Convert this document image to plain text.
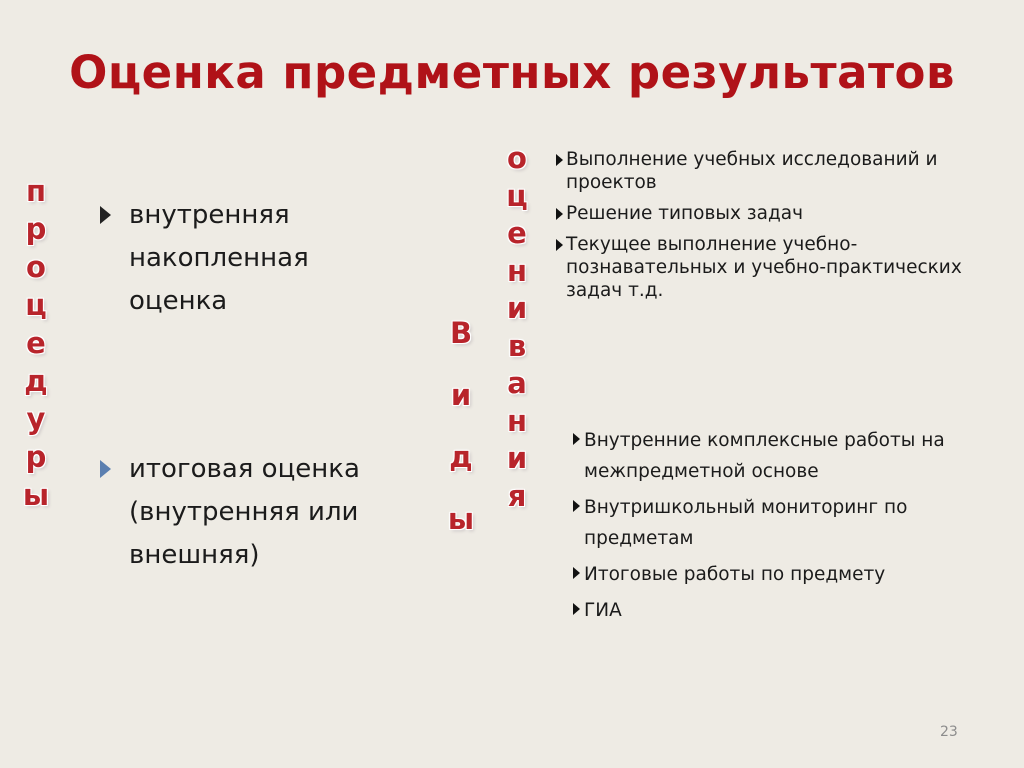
Оценка предметных результатов
п
р
о
ц
е
д
у
р
ы
В
и
д
ы
о
ц
е
н
и
в
а
н
и
я
внутренняя накопленная оценка
итоговая оценка (внутренняя или внешняя)
Выполнение учебных исследований и проектов
Решение типовых задач
Текущее выполнение учебно-познавательных и учебно-практических задач т.д.
Внутренние комплексные работы на межпредметной основе
Внутришкольный мониторинг по предметам
Итоговые работы по предмету
ГИА
23
